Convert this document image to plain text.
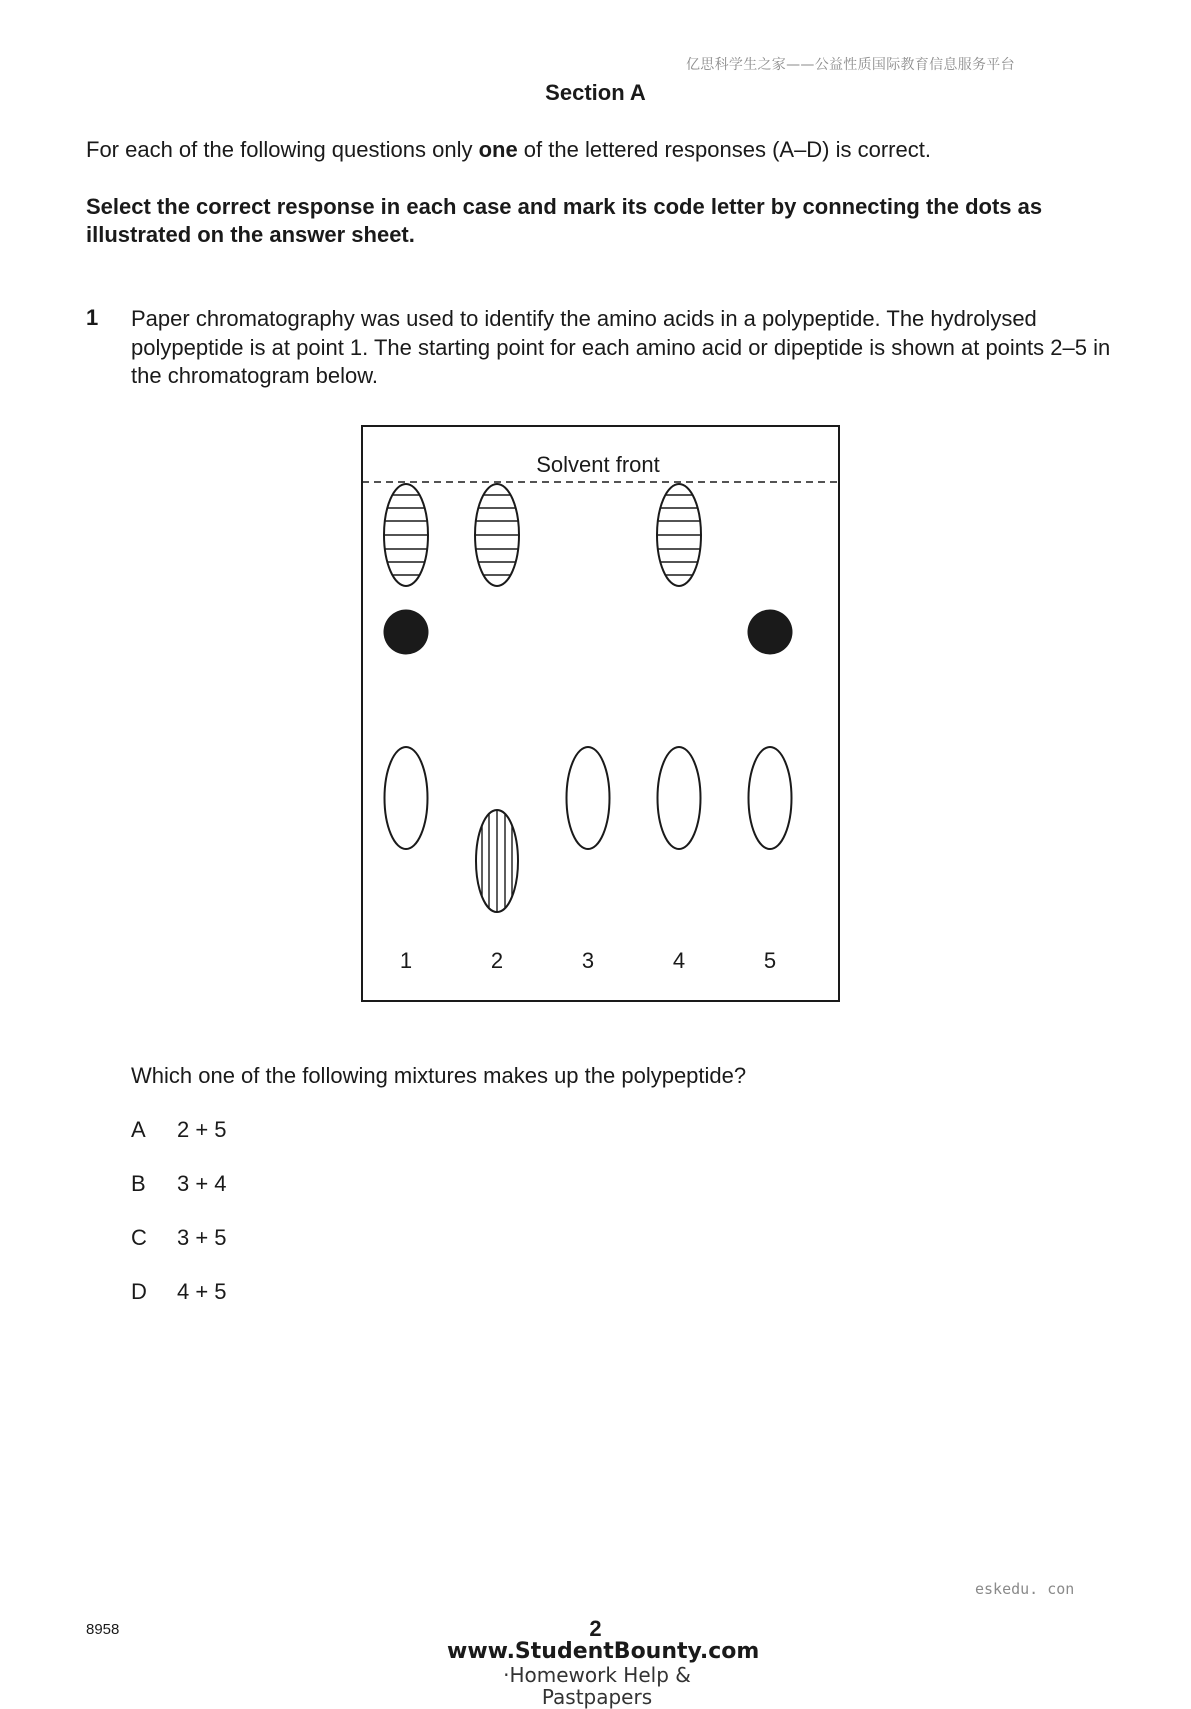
亿思科学生之家——公益性质国际教育信息服务平台
Section A
For each of the following questions only one of the lettered responses (A–D) is correct.
Select the correct response in each case and mark its code letter by connecting the dots as illustrated on the answer sheet.
1 Paper chromatography was used to identify the amino acids in a polypeptide. The hydrolysed polypeptide is at point 1. The starting point for each amino acid or dipeptide is shown at points 2–5 in the chromatogram below.
Solvent front
1	2	3	4	5
Which one of the following mixtures makes up the polypeptide?
A 2 + 5
B 3 + 4
C 3 + 5
D 4 + 5
eskedu. con
8958	2
www.StudentBounty.com
·Homework Help & Pastpapers
